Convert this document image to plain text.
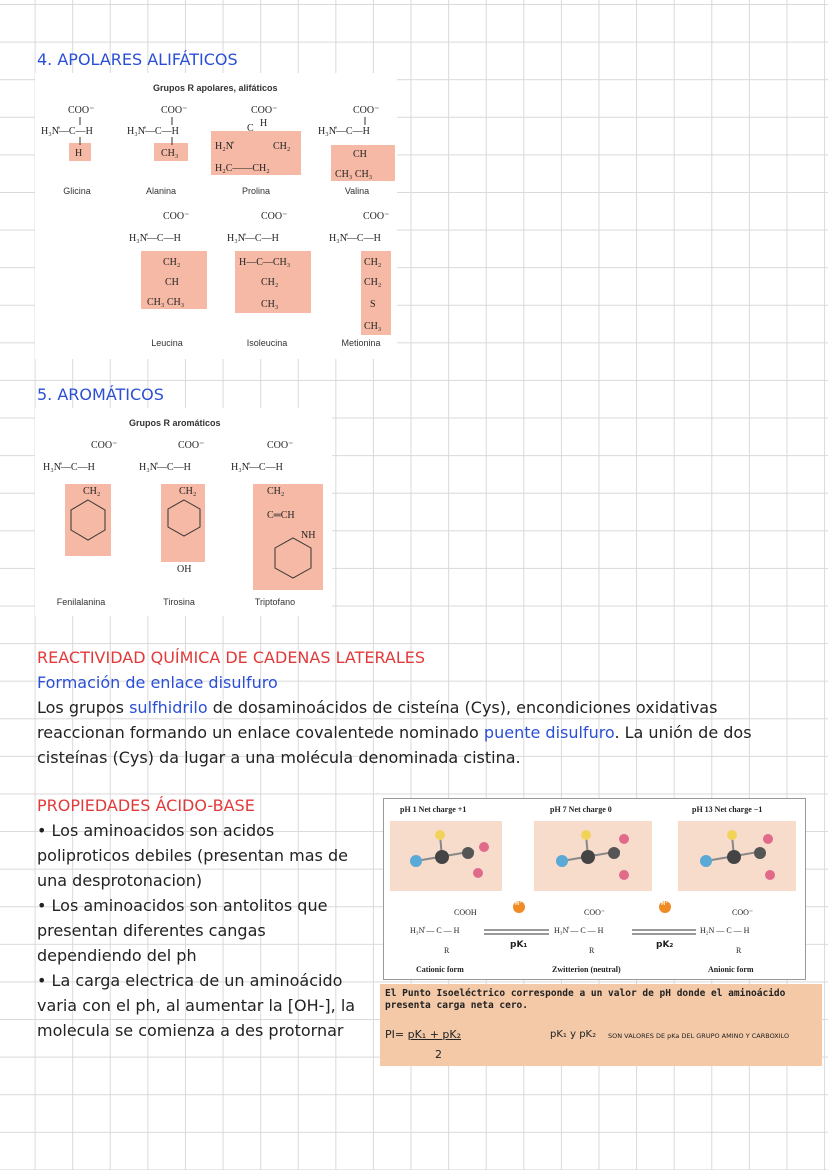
4. APOLARES ALIFÁTICOS
Grupos R apolares, alifáticos
COO⁻
H₃N̊—C—H
H
COO⁻
H₃N̊—C—H
CH₃
COO⁻
H
C
H₂N̊	CH₂
H₂C——CH₂
COO⁻
H₃N̊—C—H
CH
CH₃ CH₃
COO⁻
H₃N̊—C—H
CH₂
CH
CH₃ CH₃
COO⁻
H₃N̊—C—H
H—C—CH₃
CH₂
CH₃
COO⁻
H₃N̊—C—H
CH₂
CH₂
S
CH₃
Glicina	Alanina	Prolina	Valina
Leucina	Isoleucina	Metionina
5. AROMÁTICOS
Grupos R aromáticos
COO⁻
H₃N̊—C—H
CH₂
COO⁻
H₃N̊—C—H
CH₂
OH
COO⁻
H₃N̊—C—H
CH₂
C═CH
NH
Fenilalanina	Tirosina	Triptofano
REACTIVIDAD QUÍMICA DE CADENAS LATERALES
Formación de enlace disulfuro
Los grupos sulfhidrilo de dosaminoácidos de cisteína (Cys), encondiciones oxidativas
reaccionan formando un enlace covalentede nominado puente disulfuro. La unión de dos
cisteínas (Cys) da lugar a una molécula denominada cistina.
PROPIEDADES ÁCIDO-BASE
• Los aminoacidos son acidos
poliproticos debiles (presentan mas de
una desprotonacion)
• Los aminoacidos son antolitos que
presentan diferentes cangas
dependiendo del ph
• La carga electrica de un aminoácido
varia con el ph, al aumentar la [OH-], la
molecula se comienza a des protornar
pH 1 Net charge +1	pH 7 Net charge 0	pH 13 Net charge −1
COOH
H₃N̊ — C — H
R
COO⁻
H₃N̊ — C — H
R
COO⁻
H₂N — C — H
R
H⁺	H⁺
pK₁	pK₂
Cationic form	Zwitterion (neutral)	Anionic form
El Punto Isoeléctrico corresponde a un valor de pH donde el aminoácido presenta carga neta cero.
PI= pK₁ + pK₂
2
pK₁ y pK₂ SON VALORES DE pKa DEL GRUPO AMINO Y CARBOXILO
